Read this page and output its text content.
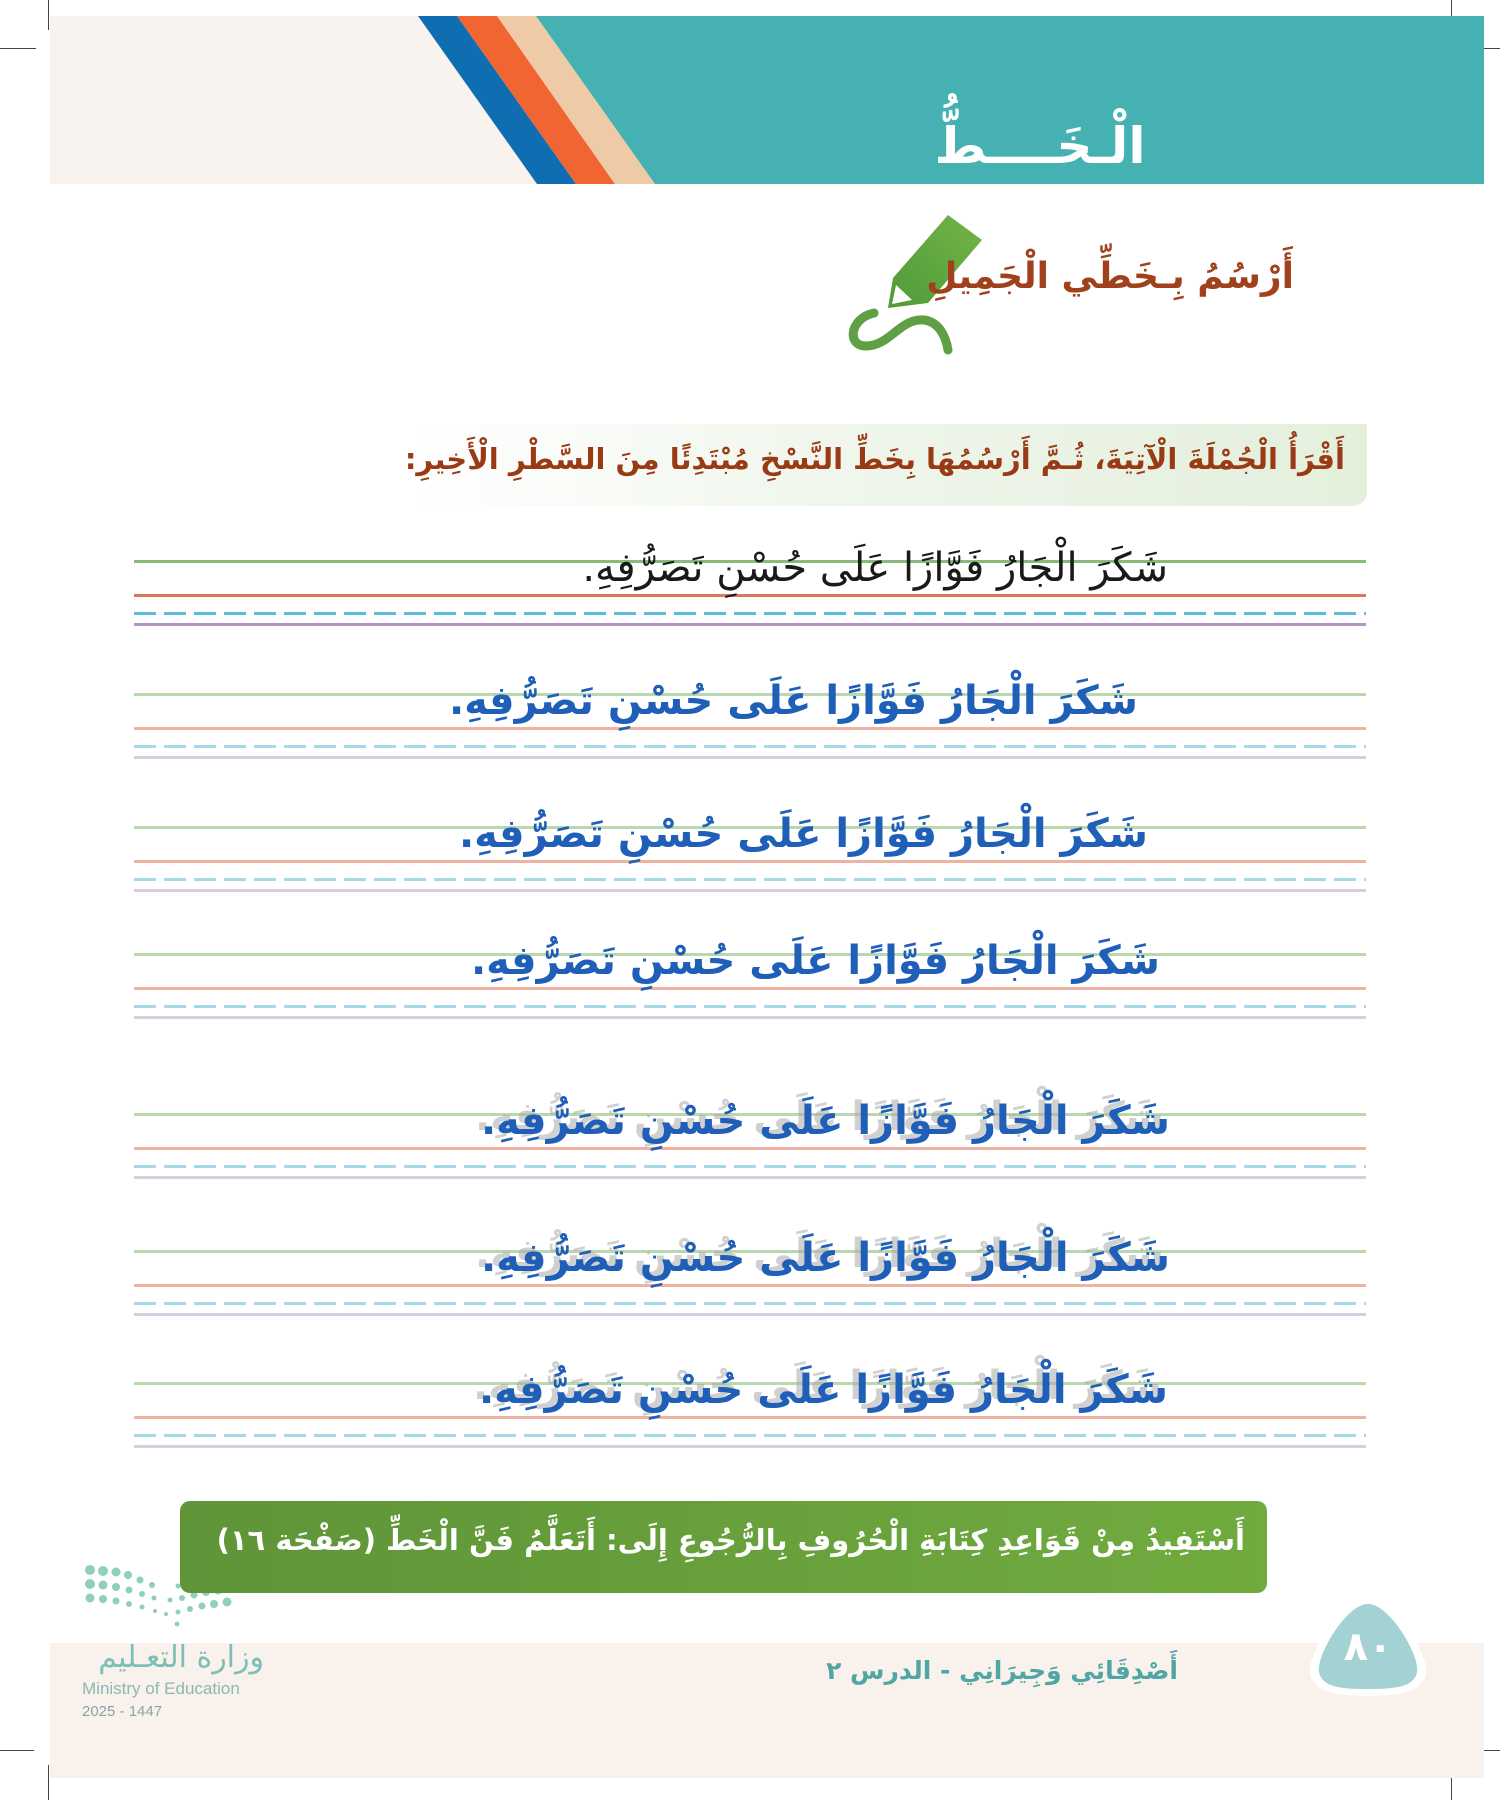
الْـخَــــطُّ
أَرْسُمُ بِـخَطِّي الْجَمِيلِ
أَقْرَأُ الْجُمْلَةَ الْآتِيَةَ، ثُـمَّ أَرْسُمُهَا بِخَطِّ النَّسْخِ مُبْتَدِئًا مِنَ السَّطْرِ الْأَخِيرِ:
شَكَرَ الْجَارُ فَوَّازًا عَلَى حُسْنِ تَصَرُّفِهِ.
شَكَرَ الْجَارُ فَوَّازًا عَلَى حُسْنِ تَصَرُّفِهِ.
شَكَرَ الْجَارُ فَوَّازًا عَلَى حُسْنِ تَصَرُّفِهِ.
شَكَرَ الْجَارُ فَوَّازًا عَلَى حُسْنِ تَصَرُّفِهِ.
شَكَرَ الْجَارُ فَوَّازًا عَلَى حُسْنِ تَصَرُّفِهِ.
شَكَرَ الْجَارُ فَوَّازًا عَلَى حُسْنِ تَصَرُّفِهِ.
شَكَرَ الْجَارُ فَوَّازًا عَلَى حُسْنِ تَصَرُّفِهِ.
أَسْتَفِيدُ مِنْ قَوَاعِدِ كِتَابَةِ الْحُرُوفِ بِالرُّجُوعِ إِلَى: أَتَعَلَّمُ فَنَّ الْخَطِّ (صَفْحَة ١٦)
وزارة التعـليم
Ministry of Education
2025 - 1447
أَصْدِقَائِي وَجِيرَانِي - الدرس ٢
٨٠
